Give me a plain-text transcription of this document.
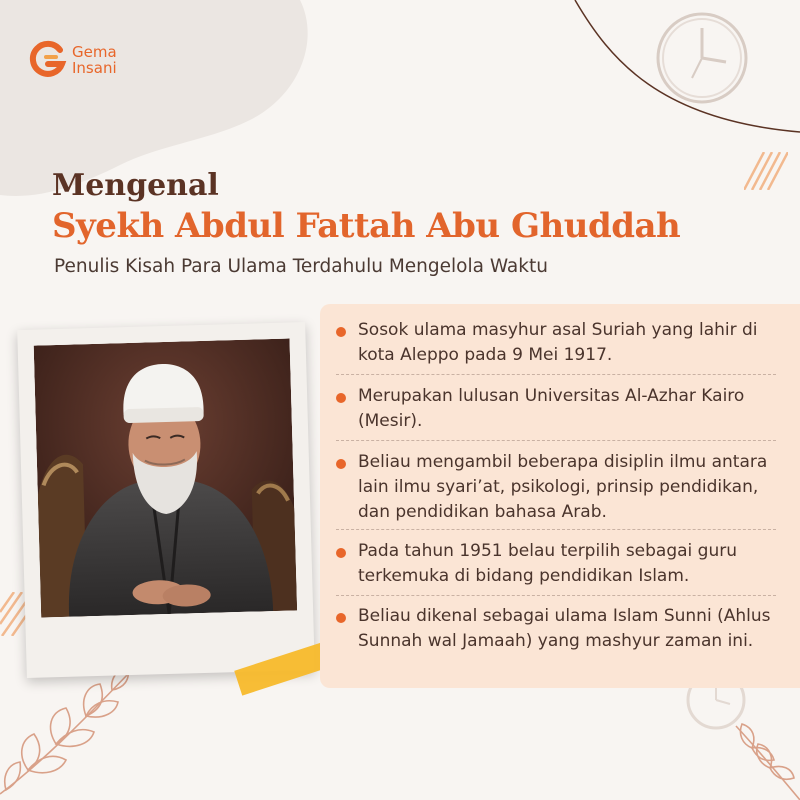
Gema
Insani
Mengenal
Syekh Abdul Fattah Abu Ghuddah

Penulis Kisah Para Ulama Terdahulu Mengelola Waktu

Sosok ulama masyhur asal Suriah yang lahir di kota Aleppo pada 9 Mei 1917.
Merupakan lulusan Universitas Al-Azhar Kairo (Mesir).
Beliau mengambil beberapa disiplin ilmu antara lain ilmu syari’at, psikologi, prinsip pendidikan, dan pendidikan bahasa Arab.
Pada tahun 1951 belau terpilih sebagai guru terkemuka di bidang pendidikan Islam.
Beliau dikenal sebagai ulama Islam Sunni (Ahlus Sunnah wal Jamaah) yang mashyur zaman ini.
